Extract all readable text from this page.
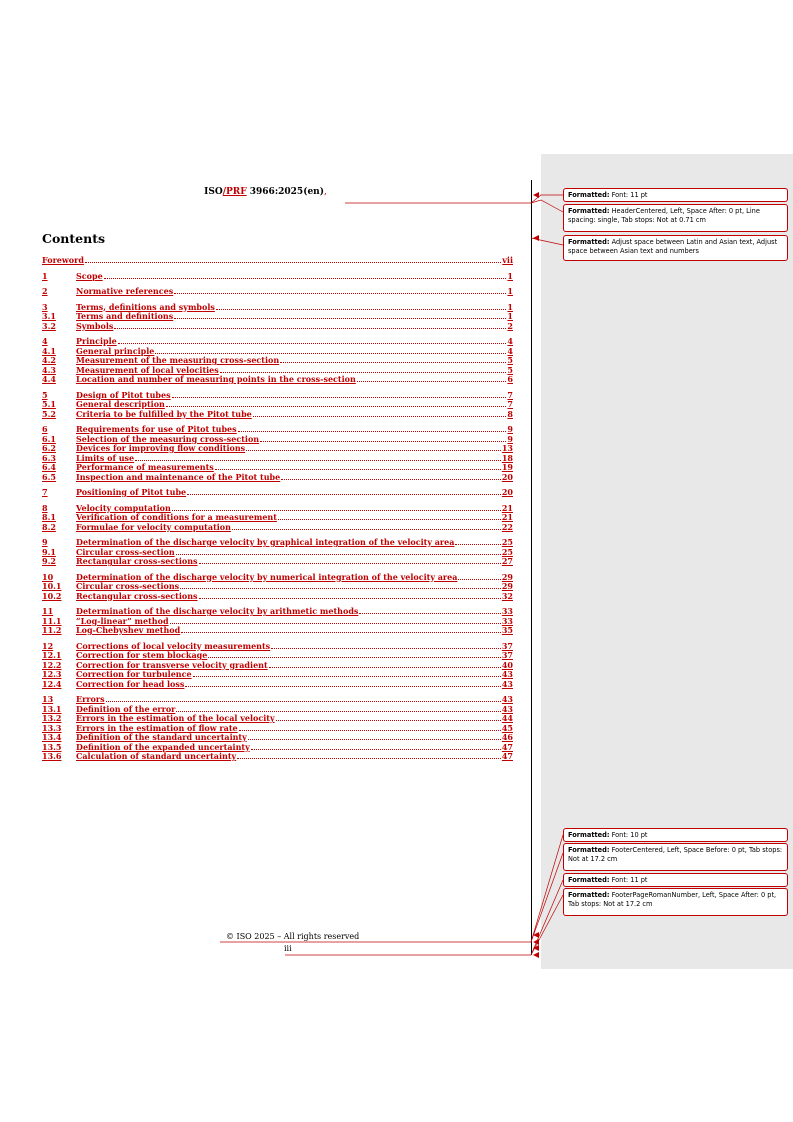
ISO/PRF 3966:2025(en),
Contents
Foreword	vii
1	Scope	1
2	Normative references	1
3	Terms, definitions and symbols	1
3.1	Terms and definitions	1
3.2	Symbols	2
4	Principle	4
4.1	General principle	4
4.2	Measurement of the measuring cross-section	5
4.3	Measurement of local velocities	5
4.4	Location and number of measuring points in the cross-section	6
5	Design of Pitot tubes	7
5.1	General description	7
5.2	Criteria to be fulfilled by the Pitot tube	8
6	Requirements for use of Pitot tubes	9
6.1	Selection of the measuring cross-section	9
6.2	Devices for improving flow conditions	13
6.3	Limits of use	18
6.4	Performance of measurements	19
6.5	Inspection and maintenance of the Pitot tube	20
7	Positioning of Pitot tube	20
8	Velocity computation	21
8.1	Verification of conditions for a measurement	21
8.2	Formulae for velocity computation	22
9	Determination of the discharge velocity by graphical integration of the velocity area	25
9.1	Circular cross-section	25
9.2	Rectangular cross-sections	27
10	Determination of the discharge velocity by numerical integration of the velocity area	29
10.1	Circular cross-sections	29
10.2	Rectangular cross-sections	32
11	Determination of the discharge velocity by arithmetic methods	33
11.1	“Log-linear” method	33
11.2	Log-Chebyshev method	35
12	Corrections of local velocity measurements	37
12.1	Correction for stem blockage	37
12.2	Correction for transverse velocity gradient	40
12.3	Correction for turbulence	43
12.4	Correction for head loss	43
13	Errors	43
13.1	Definition of the error	43
13.2	Errors in the estimation of the local velocity	44
13.3	Errors in the estimation of flow rate	45
13.4	Definition of the standard uncertainty	46
13.5	Definition of the expanded uncertainty	47
13.6	Calculation of standard uncertainty	47
Formatted: Font: 11 pt
Formatted: HeaderCentered, Left, Space After: 0 pt, Line spacing: single, Tab stops: Not at 0.71 cm
Formatted: Adjust space between Latin and Asian text, Adjust space between Asian text and numbers
Formatted: Font: 10 pt
Formatted: FooterCentered, Left, Space Before: 0 pt, Tab stops: Not at 17.2 cm
Formatted: Font: 11 pt
Formatted: FooterPageRomanNumber, Left, Space After: 0 pt, Tab stops: Not at 17.2 cm
© ISO 2025 – All rights reserved
iii
